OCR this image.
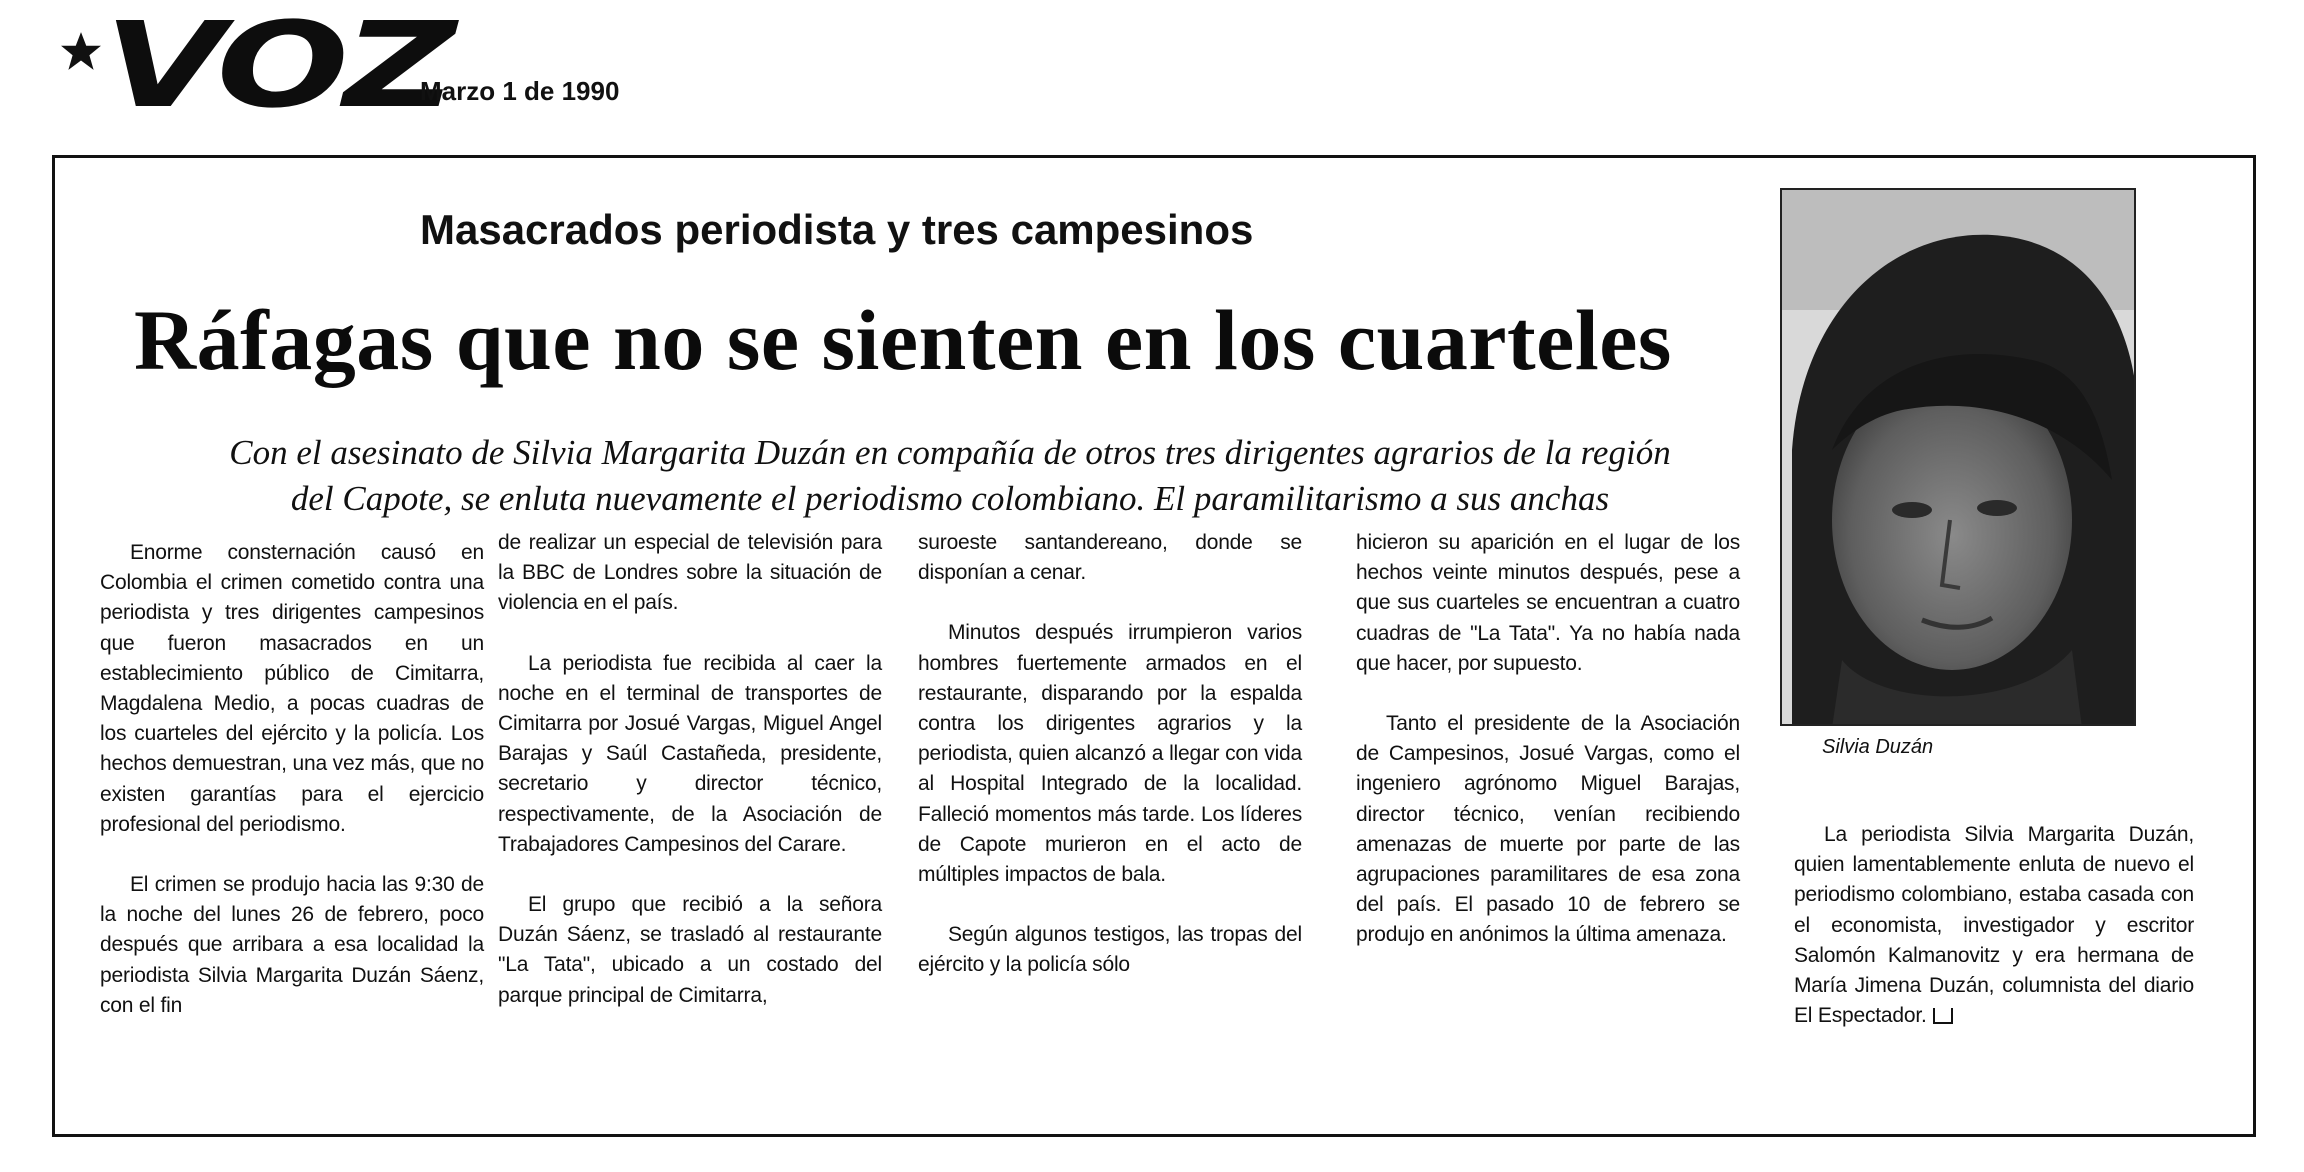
VOZ
Marzo 1 de 1990
Masacrados periodista y tres campesinos
Ráfagas que no se sienten en los cuarteles
Con el asesinato de Silvia Margarita Duzán en compañía de otros tres dirigentes agrarios de la región
del Capote, se enluta nuevamente el periodismo colombiano. El paramilitarismo a sus anchas

Enorme consternación causó en Colombia el crimen cometido contra una periodista y tres dirigentes campesinos que fueron masacrados en un establecimiento público de Cimitarra, Magdalena Medio, a pocas cuadras de los cuarteles del ejército y la policía. Los hechos demuestran, una vez más, que no existen garantías para el ejercicio profesional del periodismo.

El crimen se produjo hacia las 9:30 de la noche del lunes 26 de febrero, poco después que arribara a esa localidad la periodista Silvia Margarita Duzán Sáenz, con el fin

de realizar un especial de televisión para la BBC de Londres sobre la situación de violencia en el país.

La periodista fue recibida al caer la noche en el terminal de transportes de Cimitarra por Josué Vargas, Miguel Angel Barajas y Saúl Castañeda, presidente, secretario y director técnico, respectivamente, de la Asociación de Trabajadores Campesinos del Carare.

El grupo que recibió a la señora Duzán Sáenz, se trasladó al restaurante "La Tata", ubicado a un costado del parque principal de Cimitarra,

suroeste santandereano, donde se disponían a cenar.

Minutos después irrumpieron varios hombres fuertemente armados en el restaurante, disparando por la espalda contra los dirigentes agrarios y la periodista, quien alcanzó a llegar con vida al Hospital Integrado de la localidad. Falleció momentos más tarde. Los líderes de Capote murieron en el acto de múltiples impactos de bala.

Según algunos testigos, las tropas del ejército y la policía sólo

hicieron su aparición en el lugar de los hechos veinte minutos después, pese a que sus cuarteles se encuentran a cuatro cuadras de "La Tata". Ya no había nada que hacer, por supuesto.

Tanto el presidente de la Asociación de Campesinos, Josué Vargas, como el ingeniero agrónomo Miguel Barajas, director técnico, venían recibiendo amenazas de muerte por parte de las agrupaciones paramilitares de esa zona del país. El pasado 10 de febrero se produjo en anónimos la última amenaza.

Silvia Duzán

La periodista Silvia Margarita Duzán, quien lamentablemente enluta de nuevo el periodismo colombiano, estaba casada con el economista, investigador y escritor Salomón Kalmanovitz y era hermana de María Jimena Duzán, columnista del diario El Espectador.
